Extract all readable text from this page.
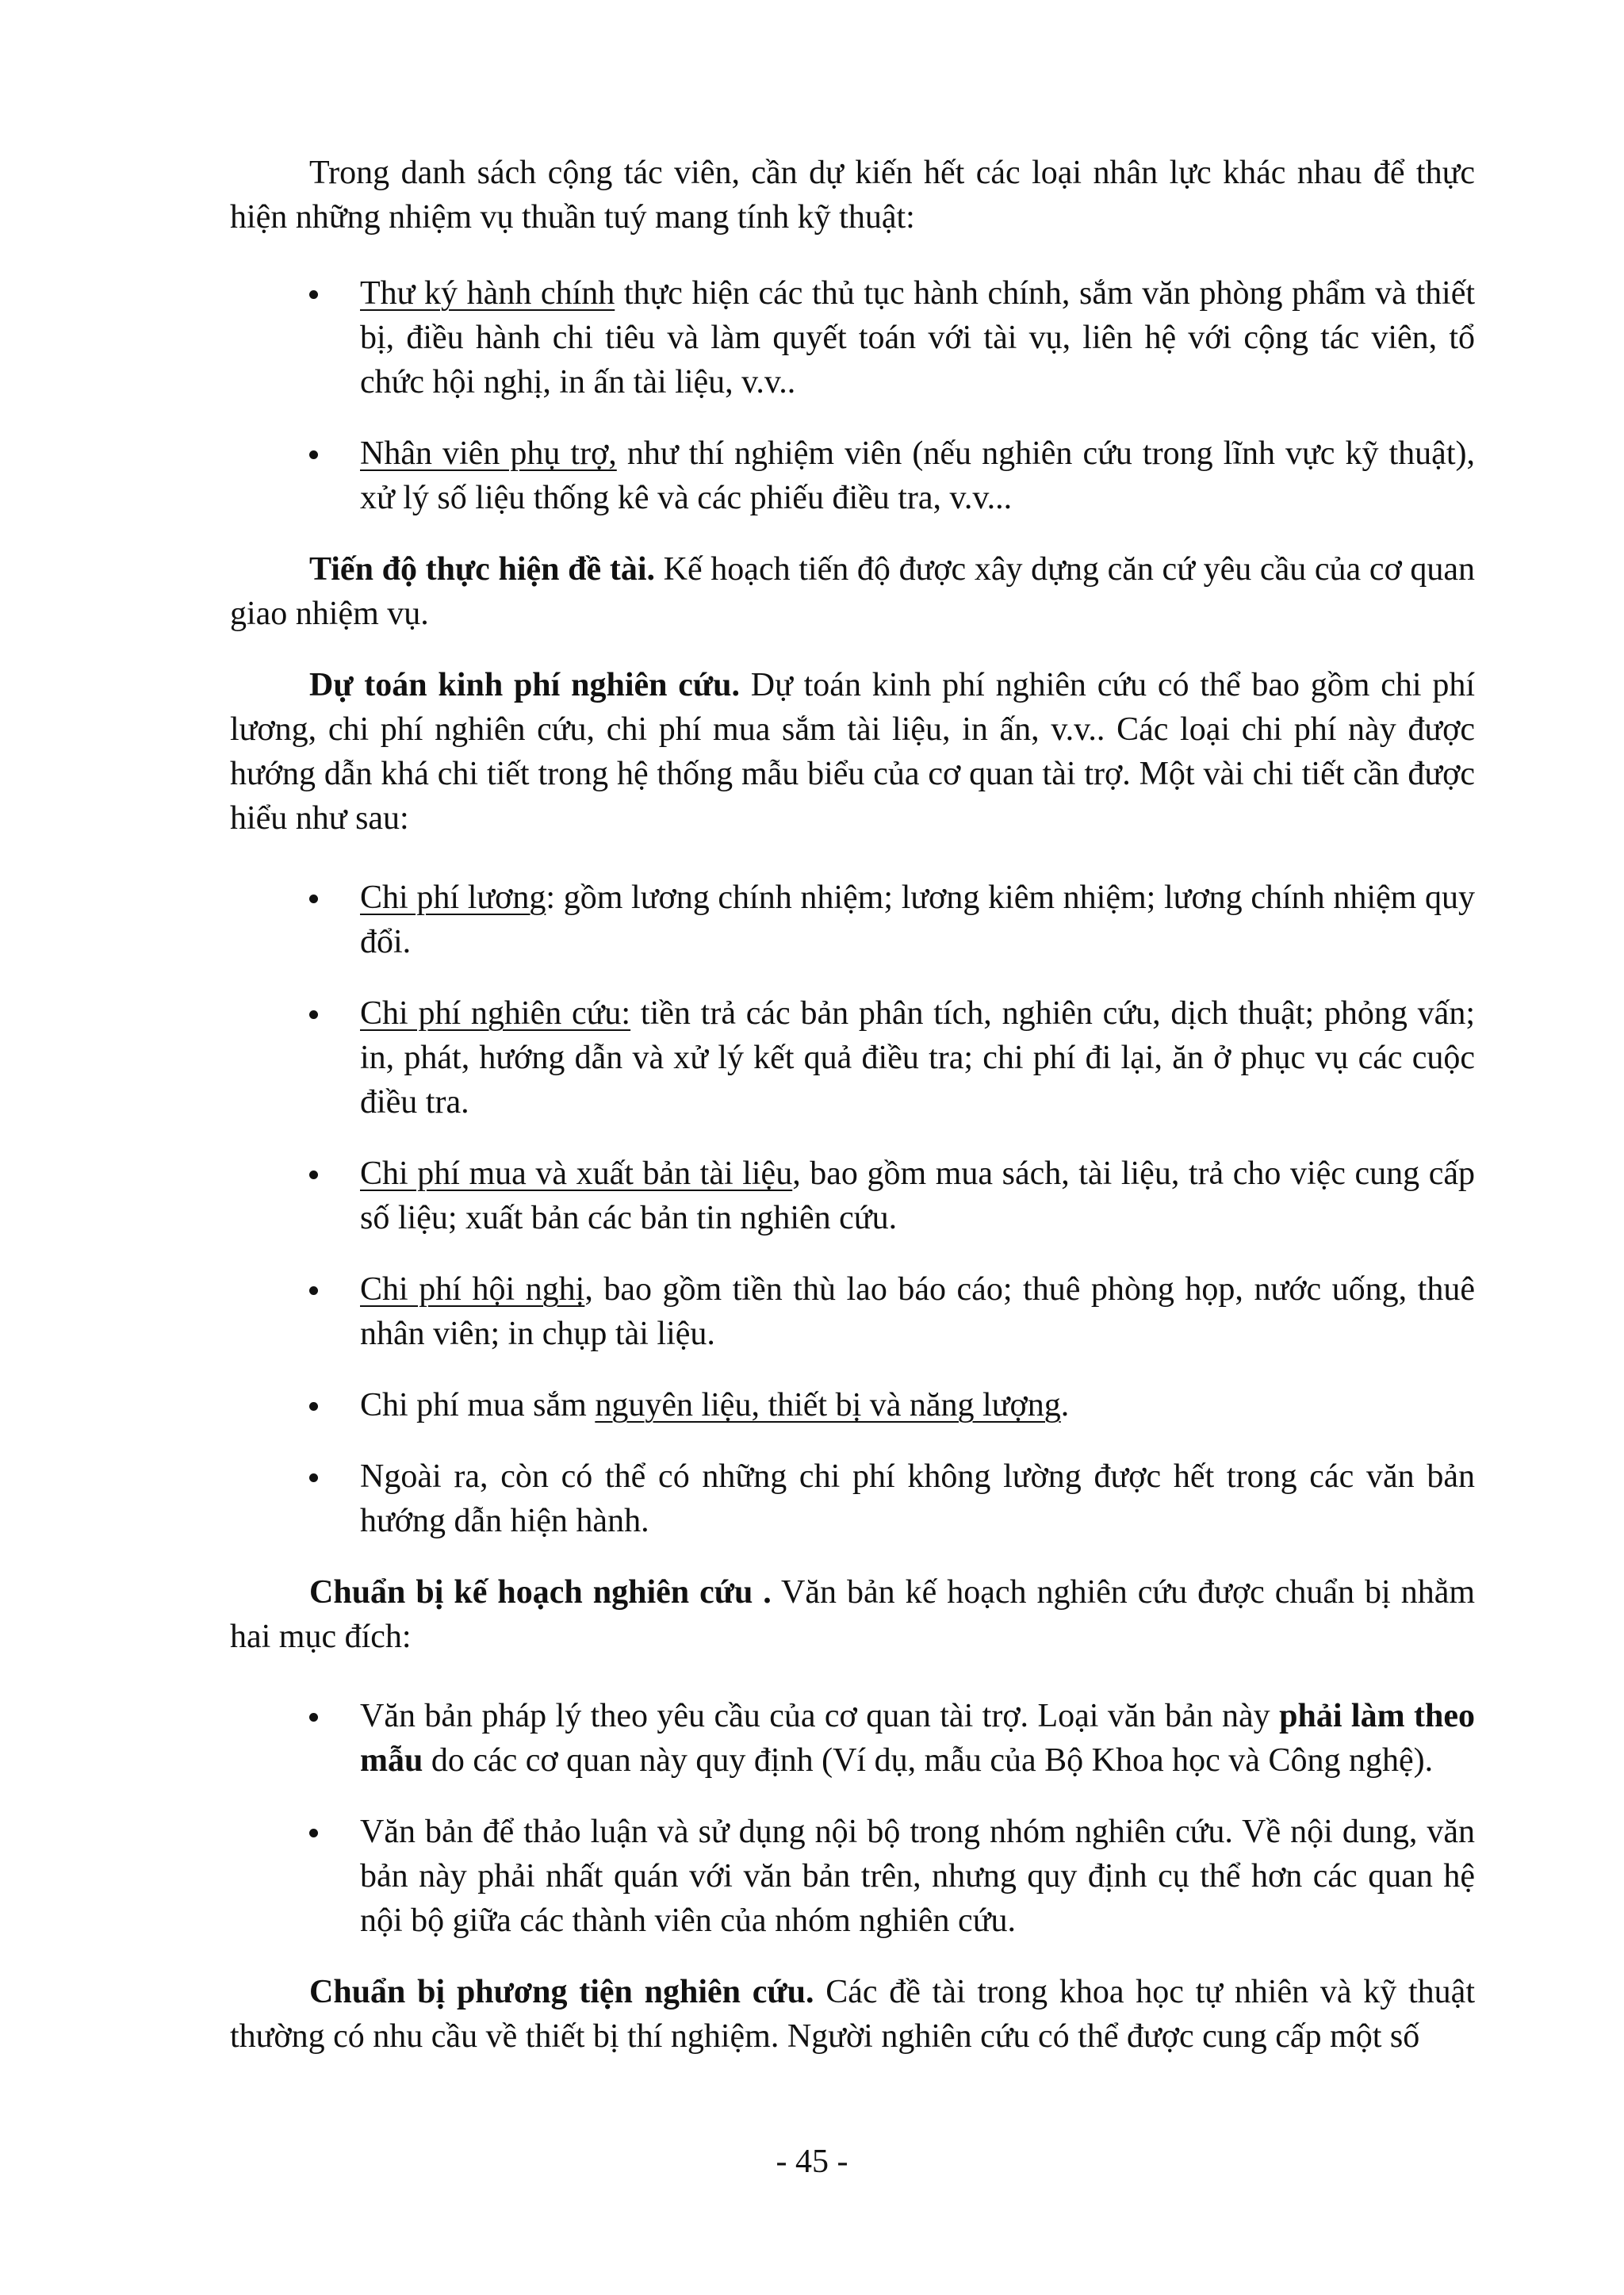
Trong danh sách cộng tác viên, cần dự kiến hết các loại nhân lực khác nhau để thực hiện những nhiệm vụ thuần tuý mang tính kỹ thuật:

Thư ký hành chính thực hiện các thủ tục hành chính, sắm văn phòng phẩm và thiết bị, điều hành chi tiêu và làm quyết toán với tài vụ, liên hệ với cộng tác viên, tổ chức hội nghị, in ấn tài liệu, v.v..
Nhân viên phụ trợ, như thí nghiệm viên (nếu nghiên cứu trong lĩnh vực kỹ thuật), xử lý số liệu thống kê và các phiếu điều tra, v.v...

Tiến độ thực hiện đề tài. Kế hoạch tiến độ được xây dựng căn cứ yêu cầu của cơ quan giao nhiệm vụ.

Dự toán kinh phí nghiên cứu. Dự toán kinh phí nghiên cứu có thể bao gồm chi phí lương, chi phí nghiên cứu, chi phí mua sắm tài liệu, in ấn, v.v.. Các loại chi phí này được hướng dẫn khá chi tiết trong hệ thống mẫu biểu của cơ quan tài trợ. Một vài chi tiết cần được hiểu như sau:

Chi phí lương: gồm lương chính nhiệm; lương kiêm nhiệm; lương chính nhiệm quy đổi.
Chi phí nghiên cứu: tiền trả các bản phân tích, nghiên cứu, dịch thuật; phỏng vấn; in, phát, hướng dẫn và xử lý kết quả điều tra; chi phí đi lại, ăn ở phục vụ các cuộc điều tra.
Chi phí mua và xuất bản tài liệu, bao gồm mua sách, tài liệu, trả cho việc cung cấp số liệu; xuất bản các bản tin nghiên cứu.
Chi phí hội nghị, bao gồm tiền thù lao báo cáo; thuê phòng họp, nước uống, thuê nhân viên; in chụp tài liệu.
Chi phí mua sắm nguyên liệu, thiết bị và năng lượng.
Ngoài ra, còn có thể có những chi phí không lường được hết trong các văn bản hướng dẫn hiện hành.

Chuẩn bị kế hoạch nghiên cứu . Văn bản kế hoạch nghiên cứu được chuẩn bị nhằm hai mục đích:

Văn bản pháp lý theo yêu cầu của cơ quan tài trợ. Loại văn bản này phải làm theo mẫu do các cơ quan này quy định (Ví dụ, mẫu của Bộ Khoa học và Công nghệ).
Văn bản để thảo luận và sử dụng nội bộ trong nhóm nghiên cứu. Về nội dung, văn bản này phải nhất quán với văn bản trên, nhưng quy định cụ thể hơn các quan hệ nội bộ giữa các thành viên của nhóm nghiên cứu.

Chuẩn bị phương tiện nghiên cứu. Các đề tài trong khoa học tự nhiên và kỹ thuật thường có nhu cầu về thiết bị thí nghiệm. Người nghiên cứu có thể được cung cấp một số

- 45 -
